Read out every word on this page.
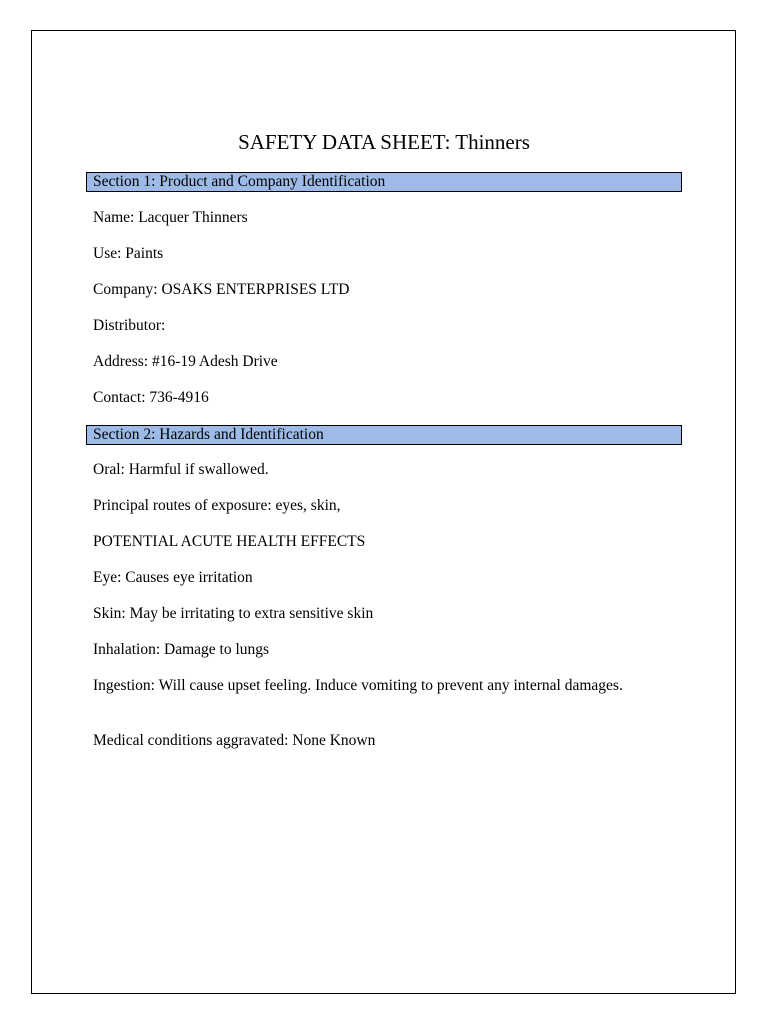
SAFETY DATA SHEET: Thinners
Section 1: Product and Company Identification

Name: Lacquer Thinners

Use: Paints

Company: OSAKS ENTERPRISES LTD

Distributor:

Address: #16-19 Adesh Drive

Contact: 736-4916

Section 2: Hazards and Identification

Oral: Harmful if swallowed.

Principal routes of exposure: eyes, skin,

POTENTIAL ACUTE HEALTH EFFECTS

Eye: Causes eye irritation

Skin: May be irritating to extra sensitive skin

Inhalation: Damage to lungs

Ingestion: Will cause upset feeling. Induce vomiting to prevent any internal damages.

Medical conditions aggravated: None Known
